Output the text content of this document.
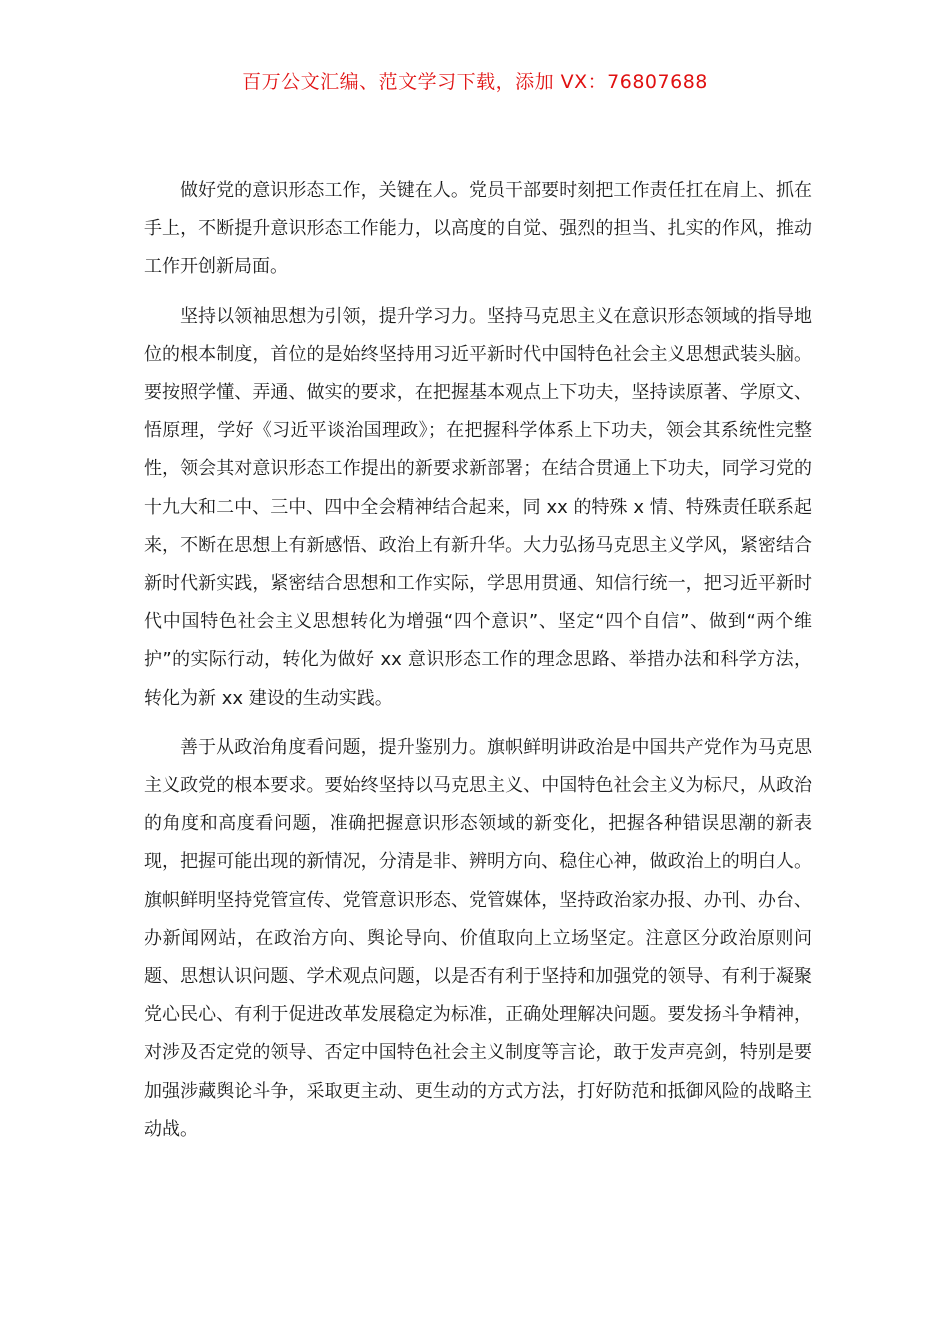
百万公文汇编、范文学习下载，添加 VX：76807688

做好党的意识形态工作，关键在人。党员干部要时刻把工作责任扛在肩上、抓在手上，不断提升意识形态工作能力，以高度的自觉、强烈的担当、扎实的作风，推动工作开创新局面。

坚持以领袖思想为引领，提升学习力。坚持马克思主义在意识形态领域的指导地位的根本制度，首位的是始终坚持用习近平新时代中国特色社会主义思想武装头脑。要按照学懂、弄通、做实的要求，在把握基本观点上下功夫，坚持读原著、学原文、悟原理，学好《习近平谈治国理政》；在把握科学体系上下功夫，领会其系统性完整性，领会其对意识形态工作提出的新要求新部署；在结合贯通上下功夫，同学习党的十九大和二中、三中、四中全会精神结合起来，同 xx 的特殊 x 情、特殊责任联系起来，不断在思想上有新感悟、政治上有新升华。大力弘扬马克思主义学风，紧密结合新时代新实践，紧密结合思想和工作实际，学思用贯通、知信行统一，把习近平新时代中国特色社会主义思想转化为增强“四个意识”、坚定“四个自信”、做到“两个维护”的实际行动，转化为做好 xx 意识形态工作的理念思路、举措办法和科学方法，转化为新 xx 建设的生动实践。

善于从政治角度看问题，提升鉴别力。旗帜鲜明讲政治是中国共产党作为马克思主义政党的根本要求。要始终坚持以马克思主义、中国特色社会主义为标尺，从政治的角度和高度看问题，准确把握意识形态领域的新变化，把握各种错误思潮的新表现，把握可能出现的新情况，分清是非、辨明方向、稳住心神，做政治上的明白人。旗帜鲜明坚持党管宣传、党管意识形态、党管媒体，坚持政治家办报、办刊、办台、办新闻网站，在政治方向、舆论导向、价值取向上立场坚定。注意区分政治原则问题、思想认识问题、学术观点问题，以是否有利于坚持和加强党的领导、有利于凝聚党心民心、有利于促进改革发展稳定为标准，正确处理解决问题。要发扬斗争精神，对涉及否定党的领导、否定中国特色社会主义制度等言论，敢于发声亮剑，特别是要加强涉藏舆论斗争，采取更主动、更生动的方式方法，打好防范和抵御风险的战略主动战。
